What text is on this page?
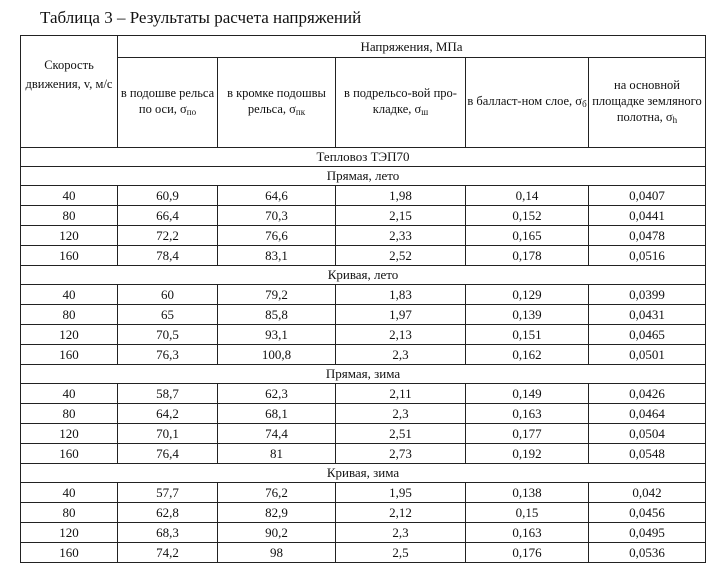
Таблица 3 – Результаты расчета напряжений
Скорость движения, v, м/с	Напряжения, МПа				
	в подошве рельса по оси, $\sigma_{по}$	в кромке подошвы рельса, $\sigma_{пк}$	в подрельсо-вой про-кладке, $\sigma_ш$	в балласт-ном слое, $\sigma_б$	на основной площадке земляного полотна, $\sigma_h$
Тепловоз ТЭП70					
Прямая, лето					
40	60,9	64,6	1,98	0,14	0,0407
80	66,4	70,3	2,15	0,152	0,0441
120	72,2	76,6	2,33	0,165	0,0478
160	78,4	83,1	2,52	0,178	0,0516
Кривая, лето					
40	60	79,2	1,83	0,129	0,0399
80	65	85,8	1,97	0,139	0,0431
120	70,5	93,1	2,13	0,151	0,0465
160	76,3	100,8	2,3	0,162	0,0501
Прямая, зима					
40	58,7	62,3	2,11	0,149	0,0426
80	64,2	68,1	2,3	0,163	0,0464
120	70,1	74,4	2,51	0,177	0,0504
160	76,4	81	2,73	0,192	0,0548
Кривая, зима					
40	57,7	76,2	1,95	0,138	0,042
80	62,8	82,9	2,12	0,15	0,0456
120	68,3	90,2	2,3	0,163	0,0495
160	74,2	98	2,5	0,176	0,0536
